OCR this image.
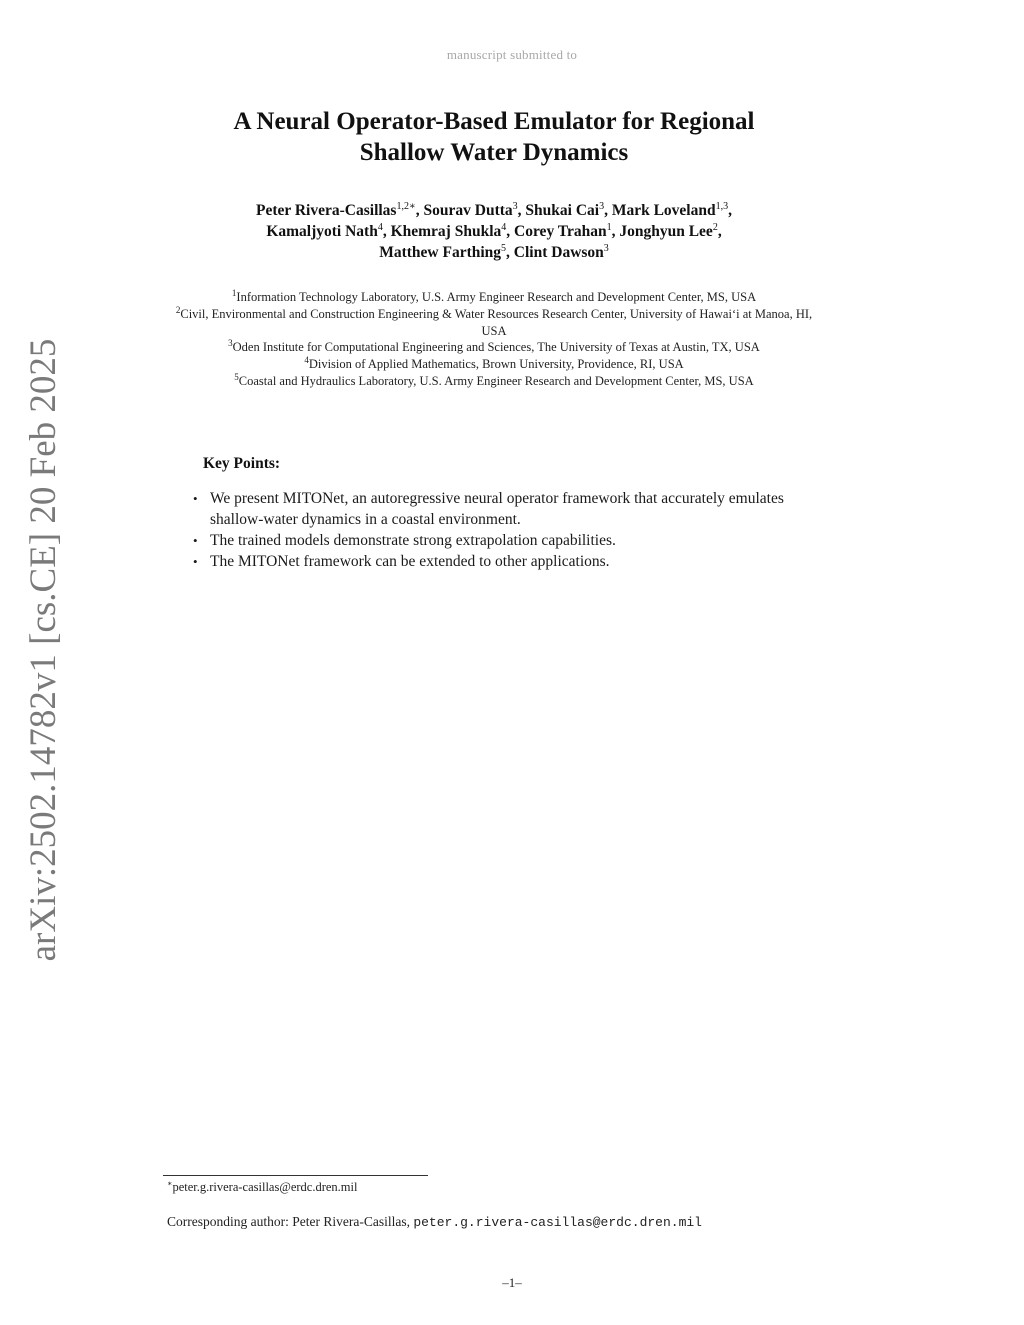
manuscript submitted to
arXiv:2502.14782v1 [cs.CE] 20 Feb 2025
A Neural Operator-Based Emulator for Regional
Shallow Water Dynamics
Peter Rivera-Casillas$^{1,2∗}$, Sourav Dutta$^3$, Shukai Cai$^3$, Mark Loveland$^{1,3}$,
Kamaljyoti Nath$^4$, Khemraj Shukla$^4$, Corey Trahan$^1$, Jonghyun Lee$^2$,
Matthew Farthing$^5$, Clint Dawson$^3$
$^1$Information Technology Laboratory, U.S. Army Engineer Research and Development Center, MS, USA
$^2$Civil, Environmental and Construction Engineering & Water Resources Research Center, University of Hawai‘i at Manoa, HI, USA
$^3$Oden Institute for Computational Engineering and Sciences, The University of Texas at Austin, TX, USA
$^4$Division of Applied Mathematics, Brown University, Providence, RI, USA
$^5$Coastal and Hydraulics Laboratory, U.S. Army Engineer Research and Development Center, MS, USA
Key Points:
• We present MITONet, an autoregressive neural operator framework that accurately emulates shallow-water dynamics in a coastal environment.
• The trained models demonstrate strong extrapolation capabilities.
• The MITONet framework can be extended to other applications.
∗peter.g.rivera-casillas@erdc.dren.mil
Corresponding author: Peter Rivera-Casillas, peter.g.rivera-casillas@erdc.dren.mil
–1–
